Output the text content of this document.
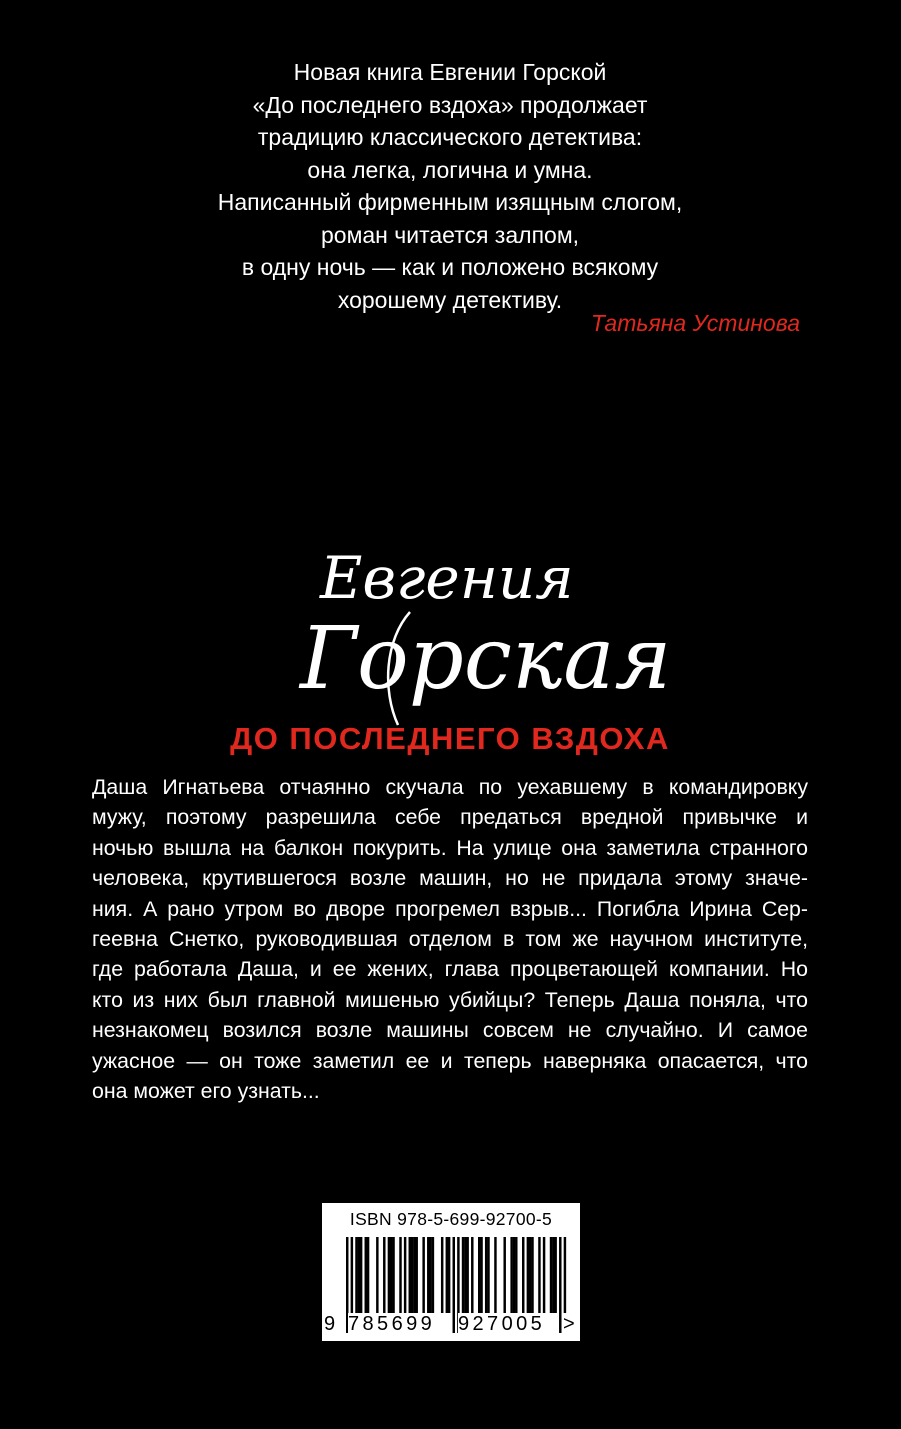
Новая книга Евгении Горской
«До последнего вздоха» продолжает
традицию классического детектива:
она легка, логична и умна.
Написанный фирменным изящным слогом,
роман читается залпом,
в одну ночь — как и положено всякому
хорошему детективу.
Татьяна Устинова
Евгения
Горская
ДО ПОСЛЕДНЕГО ВЗДОХА
Даша Игнатьева отчаянно скучала по уехавшему в командировку
мужу, поэтому разрешила себе предаться вредной привычке и
ночью вышла на балкон покурить. На улице она заметила странного
человека, крутившегося возле машин, но не придала этому значе-
ния. А рано утром во дворе прогремел взрыв... Погибла Ирина Сер-
геевна Снетко, руководившая отделом в том же научном институте,
где работала Даша, и ее жених, глава процветающей компании. Но
кто из них был главной мишенью убийцы? Теперь Даша поняла, что
незнакомец возился возле машины совсем не случайно. И самое
ужасное — он тоже заметил ее и теперь наверняка опасается, что
она может его узнать...
ISBN 978-5-699-92700-5
9 785699 927005 >
